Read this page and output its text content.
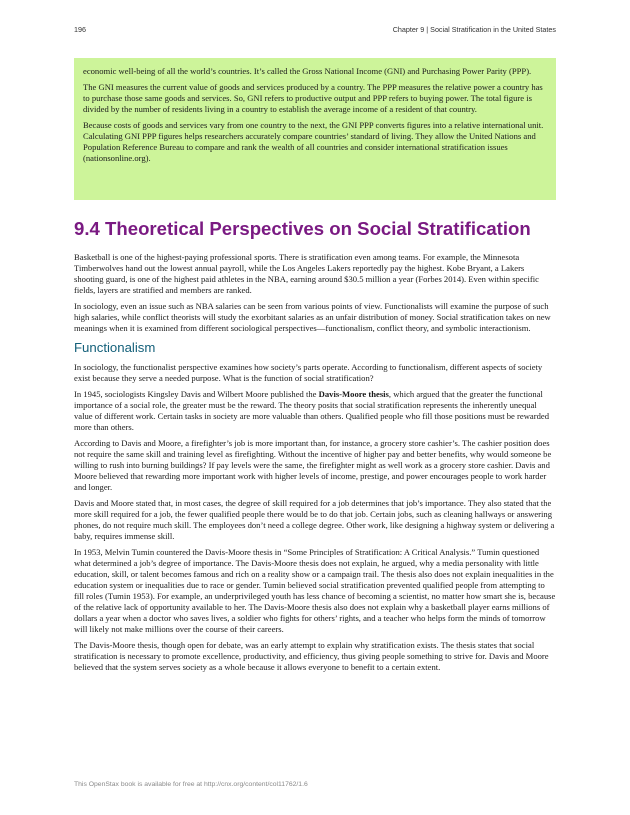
196	Chapter 9 | Social Stratification in the United States

economic well-being of all the world’s countries. It’s called the Gross National Income (GNI) and Purchasing Power Parity (PPP).

The GNI measures the current value of goods and services produced by a country. The PPP measures the relative power a country has to purchase those same goods and services. So, GNI refers to productive output and PPP refers to buying power. The total figure is divided by the number of residents living in a country to establish the average income of a resident of that country.

Because costs of goods and services vary from one country to the next, the GNI PPP converts figures into a relative international unit. Calculating GNI PPP figures helps researchers accurately compare countries’ standard of living. They allow the United Nations and Population Reference Bureau to compare and rank the wealth of all countries and consider international stratification issues (nationsonline.org).

9.4 Theoretical Perspectives on Social Stratification

Basketball is one of the highest-paying professional sports. There is stratification even among teams. For example, the Minnesota Timberwolves hand out the lowest annual payroll, while the Los Angeles Lakers reportedly pay the highest. Kobe Bryant, a Lakers shooting guard, is one of the highest paid athletes in the NBA, earning around $30.5 million a year (Forbes 2014). Even within specific fields, layers are stratified and members are ranked.

In sociology, even an issue such as NBA salaries can be seen from various points of view. Functionalists will examine the purpose of such high salaries, while conflict theorists will study the exorbitant salaries as an unfair distribution of money. Social stratification takes on new meanings when it is examined from different sociological perspectives—functionalism, conflict theory, and symbolic interactionism.

Functionalism

In sociology, the functionalist perspective examines how society’s parts operate. According to functionalism, different aspects of society exist because they serve a needed purpose. What is the function of social stratification?

In 1945, sociologists Kingsley Davis and Wilbert Moore published the Davis-Moore thesis, which argued that the greater the functional importance of a social role, the greater must be the reward. The theory posits that social stratification represents the inherently unequal value of different work. Certain tasks in society are more valuable than others. Qualified people who fill those positions must be rewarded more than others.

According to Davis and Moore, a firefighter’s job is more important than, for instance, a grocery store cashier’s. The cashier position does not require the same skill and training level as firefighting. Without the incentive of higher pay and better benefits, why would someone be willing to rush into burning buildings? If pay levels were the same, the firefighter might as well work as a grocery store cashier. Davis and Moore believed that rewarding more important work with higher levels of income, prestige, and power encourages people to work harder and longer.

Davis and Moore stated that, in most cases, the degree of skill required for a job determines that job’s importance. They also stated that the more skill required for a job, the fewer qualified people there would be to do that job. Certain jobs, such as cleaning hallways or answering phones, do not require much skill. The employees don’t need a college degree. Other work, like designing a highway system or delivering a baby, requires immense skill.

In 1953, Melvin Tumin countered the Davis-Moore thesis in “Some Principles of Stratification: A Critical Analysis.” Tumin questioned what determined a job’s degree of importance. The Davis-Moore thesis does not explain, he argued, why a media personality with little education, skill, or talent becomes famous and rich on a reality show or a campaign trail. The thesis also does not explain inequalities in the education system or inequalities due to race or gender. Tumin believed social stratification prevented qualified people from attempting to fill roles (Tumin 1953). For example, an underprivileged youth has less chance of becoming a scientist, no matter how smart she is, because of the relative lack of opportunity available to her. The Davis-Moore thesis also does not explain why a basketball player earns millions of dollars a year when a doctor who saves lives, a soldier who fights for others’ rights, and a teacher who helps form the minds of tomorrow will likely not make millions over the course of their careers.

The Davis-Moore thesis, though open for debate, was an early attempt to explain why stratification exists. The thesis states that social stratification is necessary to promote excellence, productivity, and efficiency, thus giving people something to strive for. Davis and Moore believed that the system serves society as a whole because it allows everyone to benefit to a certain extent.

This OpenStax book is available for free at http://cnx.org/content/col11762/1.6
